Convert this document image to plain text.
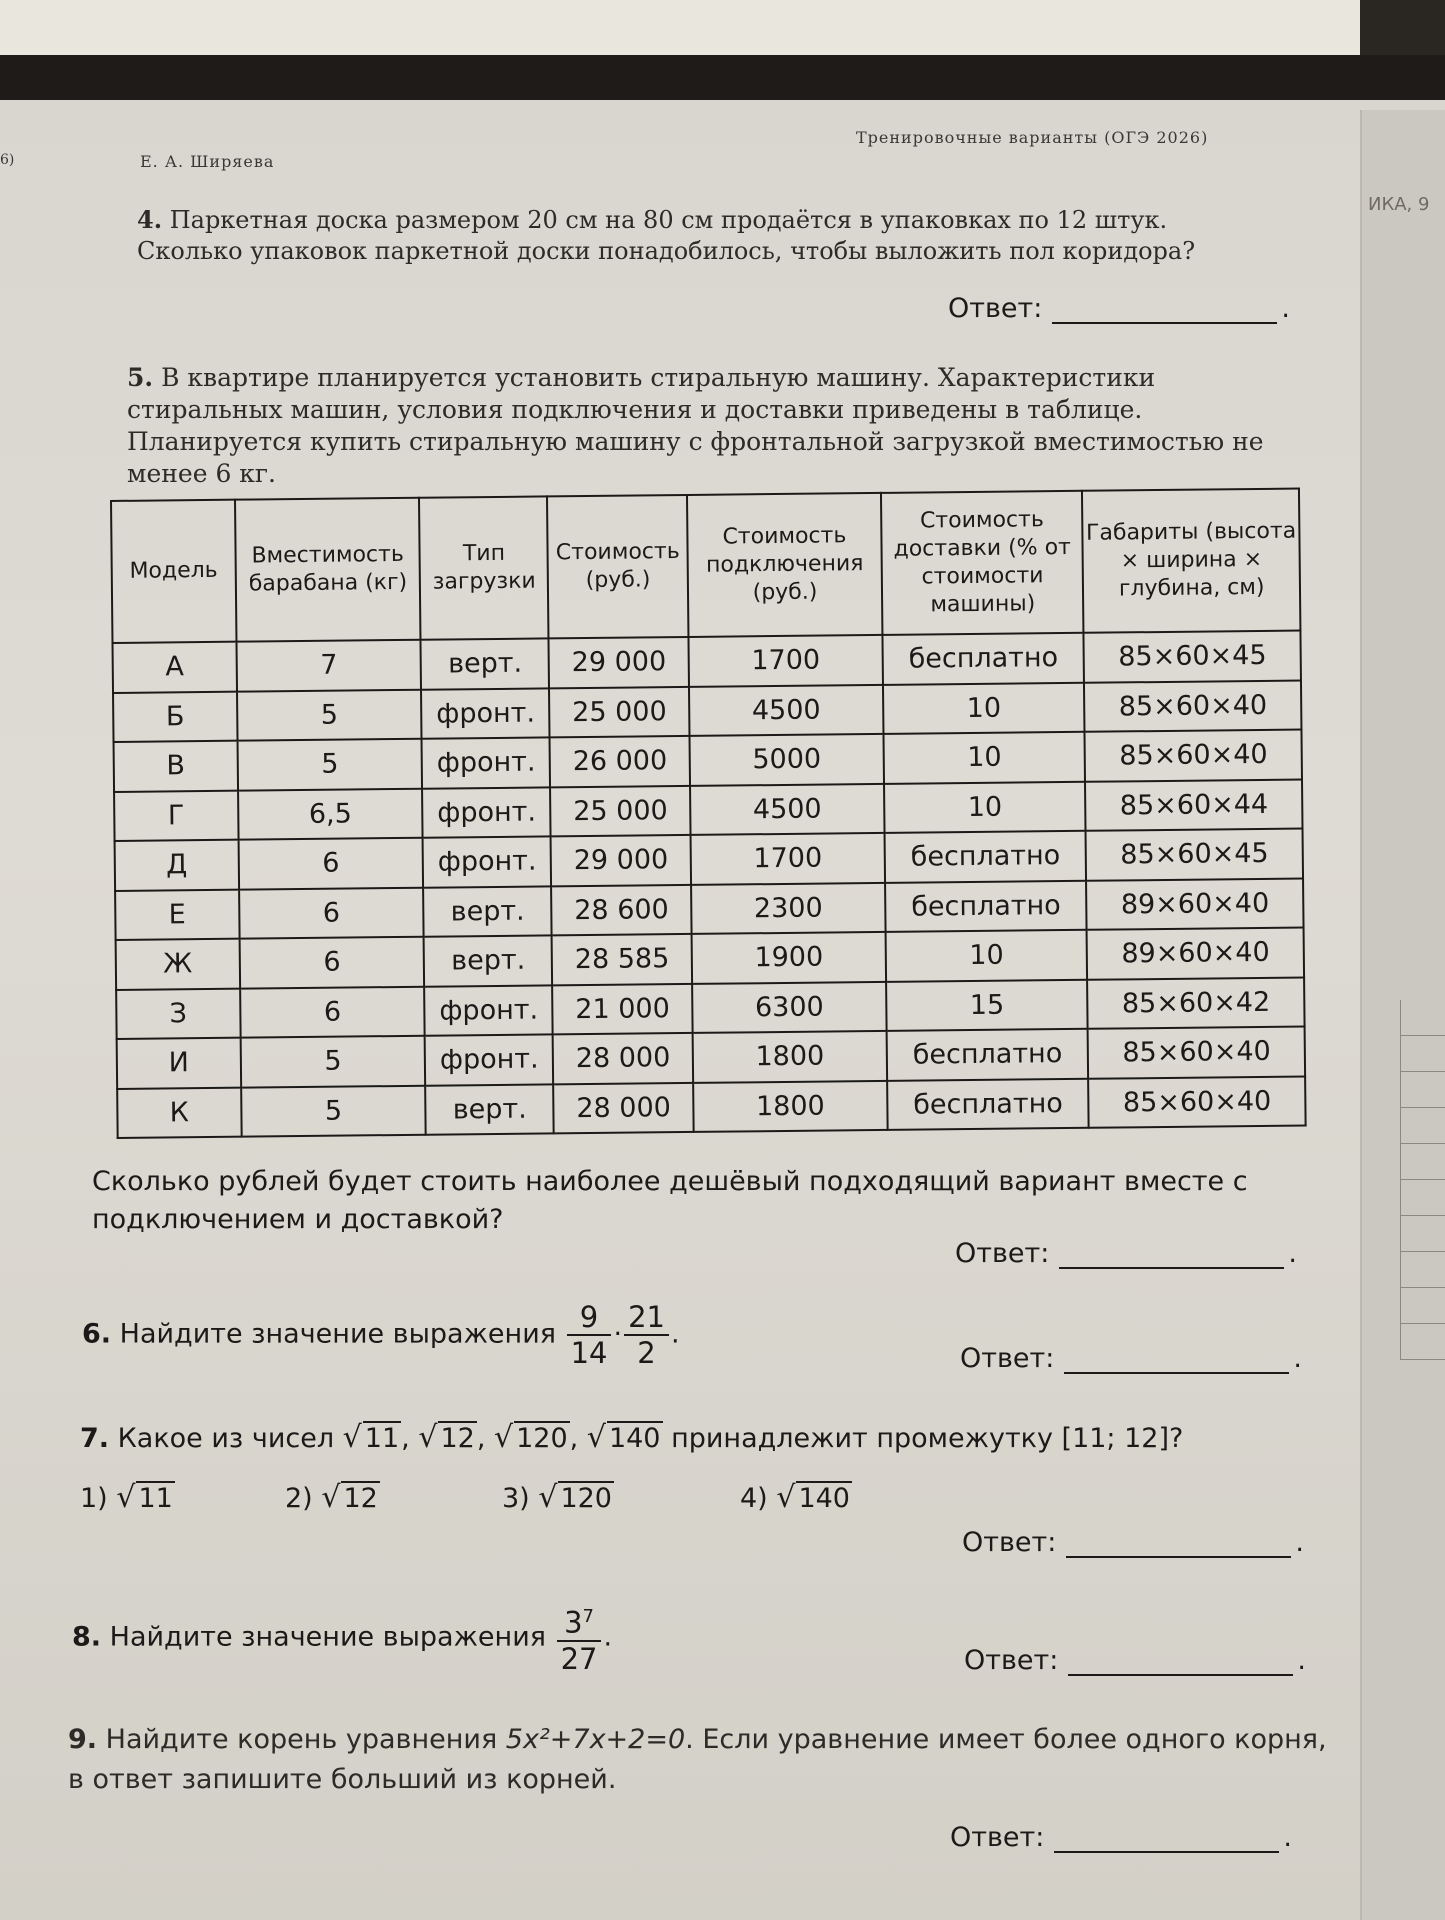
ИКА, 9
6)	Е. А. Ширяева
Тренировочные варианты (ОГЭ 2026)
4. Паркетная доска размером 20 см на 80 см продаётся в упаковках по 12 штук. Сколько упаковок паркетной доски понадобилось, чтобы выложить пол коридора?
Ответ:	.
5. В квартире планируется установить стиральную машину. Характеристики стиральных машин, условия подключения и доставки приведены в таблице. Планируется купить стиральную машину с фронтальной загрузкой вместимостью не менее 6 кг.
Модель	Вместимость барабана (кг)	Тип загрузки	Стоимость (руб.)	Стоимость подключения (руб.)	Стоимость доставки (% от стоимости машины)	Габариты (высота × ширина × глубина, см)
А	7	верт.	29 000	1700	бесплатно	85×60×45
Б	5	фронт.	25 000	4500	10	85×60×40
В	5	фронт.	26 000	5000	10	85×60×40
Г	6,5	фронт.	25 000	4500	10	85×60×44
Д	6	фронт.	29 000	1700	бесплатно	85×60×45
Е	6	верт.	28 600	2300	бесплатно	89×60×40
Ж	6	верт.	28 585	1900	10	89×60×40
З	6	фронт.	21 000	6300	15	85×60×42
И	5	фронт.	28 000	1800	бесплатно	85×60×40
К	5	верт.	28 000	1800	бесплатно	85×60×40
Сколько рублей будет стоить наиболее дешёвый подходящий вариант вместе с подключением и доставкой?
Ответ:	.
6. Найдите значение выражения $\frac{9}{14} \cdot \frac{21}{2}$ .
Ответ:	.
7. Какое из чисел √ 11, √ 12, √ 120, √ 140 принадлежит промежутку [11; 12]?
1) √ 11	2) √ 12	3) √ 120	4) √ 140
Ответ:	.
8. Найдите значение выражения $\frac{3^7}{27}$ .
Ответ:	.
9. Найдите корень уравнения 5x²+7x+2=0. Если уравнение имеет более одного корня, в ответ запишите больший из корней.
Ответ:	.
